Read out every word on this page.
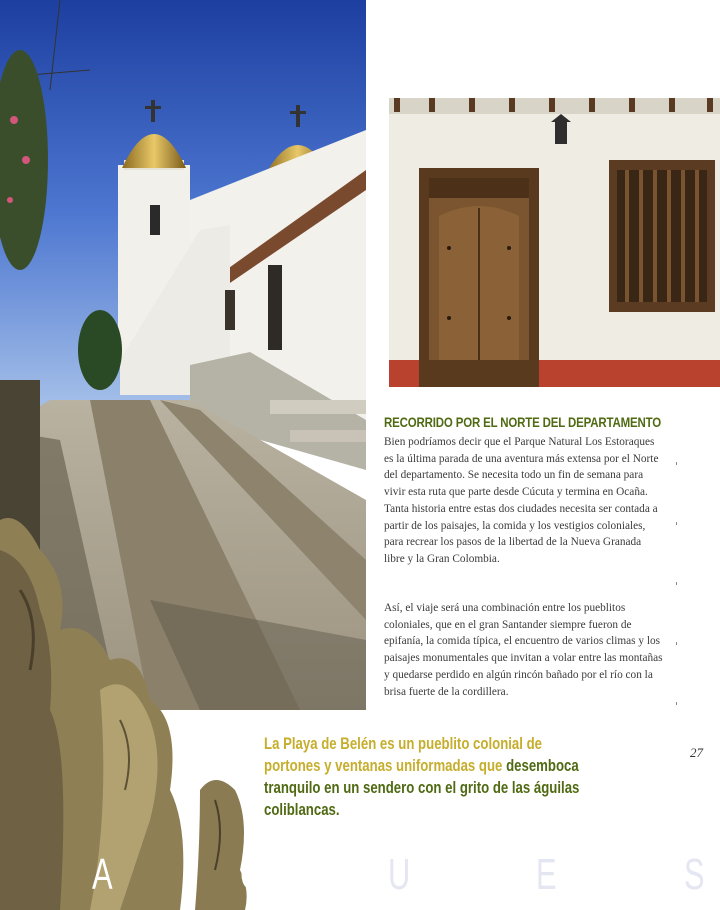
RECORRIDO POR EL NORTE DEL DEPARTAMENTO

Bien podríamos decir que el Parque Natural Los Estoraques es la última parada de una aventura más extensa por el Norte del departamento. Se necesita todo un fin de semana para vivir esta ruta que parte desde Cúcuta y termina en Ocaña. Tanta historia entre estas dos ciudades necesita ser contada a partir de los paisajes, la comida y los vestigios coloniales, para recrear los pasos de la libertad de la Nueva Granada libre y la Gran Colombia.

Así, el viaje será una combinación entre los pueblitos coloniales, que en el gran Santander siempre fueron de epifanía, la comida típica, el encuentro de varios climas y los paisajes monumentales que invitan a volar entre las montañas y quedarse perdido en algún rincón bañado por el río con la brisa fuerte de la cordillera.

La Playa de Belén es un pueblito colonial de portones y ventanas uniformadas que desemboca tranquilo en un sendero con el grito de las águilas coliblancas.

27
A	Q	U	E	S
